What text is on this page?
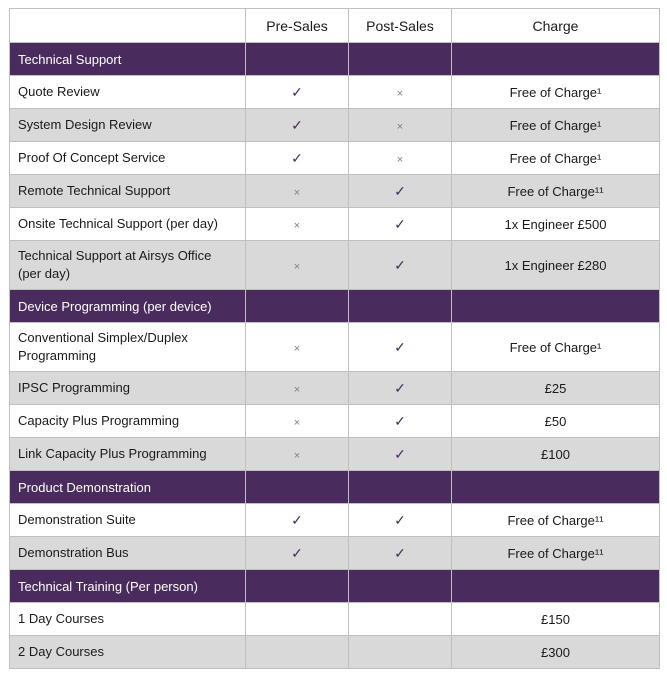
	Pre-Sales	Post-Sales	Charge
Technical Support			
Quote Review	✓	×	Free of Charge¹
System Design Review	✓	×	Free of Charge¹
Proof Of Concept Service	✓	×	Free of Charge¹
Remote Technical Support	×	✓	Free of Charge¹¹
Onsite Technical Support (per day)	×	✓	1x Engineer £500
Technical Support at Airsys Office (per day)	×	✓	1x Engineer £280
Device Programming (per device)			
Conventional Simplex/Duplex Programming	×	✓	Free of Charge¹
IPSC Programming	×	✓	£25
Capacity Plus Programming	×	✓	£50
Link Capacity Plus Programming	×	✓	£100
Product Demonstration			
Demonstration Suite	✓	✓	Free of Charge¹¹
Demonstration Bus	✓	✓	Free of Charge¹¹
Technical Training (Per person)			
1 Day Courses			£150
2 Day Courses			£300
